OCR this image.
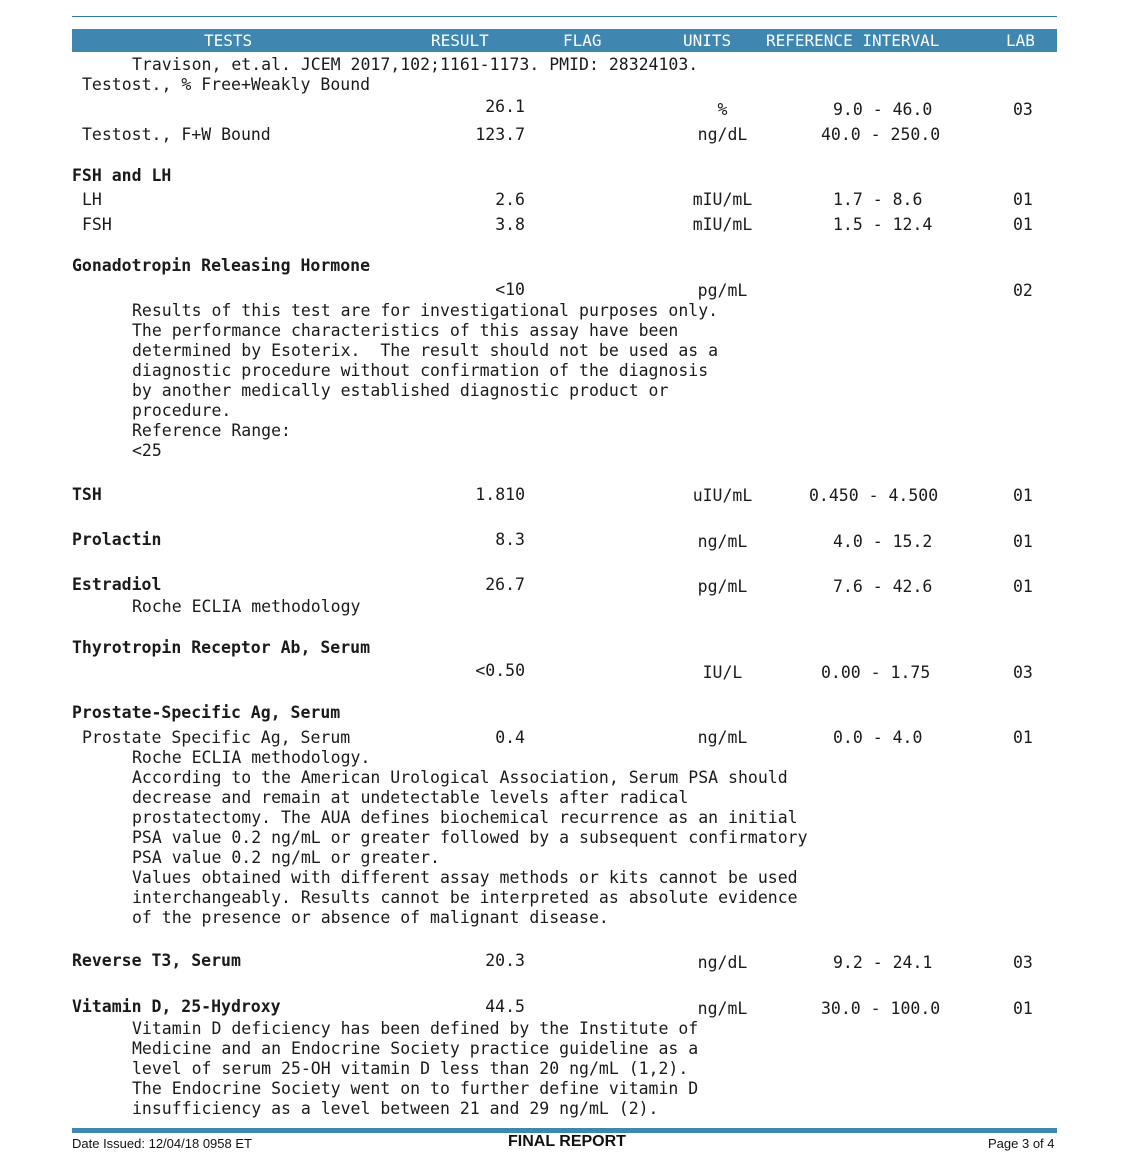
TESTS	RESULT	FLAG	UNITS REFERENCE INTERVAL	LAB
Travison, et.al. JCEM 2017,102;1161-1173. PMID: 28324103.
Testost., % Free+Weakly Bound
26.1	%	9.0 - 46.0	03
Testost., F+W Bound	123.7	ng/dL	40.0 - 250.0
FSH and LH
LH	2.6	mIU/mL	1.7 - 8.6	01
FSH	3.8	mIU/mL	1.5 - 12.4	01
Gonadotropin Releasing Hormone
<10	pg/mL	02
Results of this test are for investigational purposes only.
The performance characteristics of this assay have been
determined by Esoterix.  The result should not be used as a
diagnostic procedure without confirmation of the diagnosis
by another medically established diagnostic product or
procedure.
Reference Range:
<25
TSH	1.810	uIU/mL	0.450 - 4.500	01
Prolactin	8.3	ng/mL	4.0 - 15.2	01
Estradiol	26.7	pg/mL	7.6 - 42.6	01
Roche ECLIA methodology
Thyrotropin Receptor Ab, Serum
<0.50	IU/L	0.00 - 1.75	03
Prostate-Specific Ag, Serum
Prostate Specific Ag, Serum	0.4	ng/mL	0.0 - 4.0	01
Roche ECLIA methodology.
According to the American Urological Association, Serum PSA should
decrease and remain at undetectable levels after radical
prostatectomy. The AUA defines biochemical recurrence as an initial
PSA value 0.2 ng/mL or greater followed by a subsequent confirmatory
PSA value 0.2 ng/mL or greater.
Values obtained with different assay methods or kits cannot be used
interchangeably. Results cannot be interpreted as absolute evidence
of the presence or absence of malignant disease.
Reverse T3, Serum	20.3	ng/dL	9.2 - 24.1	03
Vitamin D, 25-Hydroxy	44.5	ng/mL	30.0 - 100.0	01
Vitamin D deficiency has been defined by the Institute of
Medicine and an Endocrine Society practice guideline as a
level of serum 25-OH vitamin D less than 20 ng/mL (1,2).
The Endocrine Society went on to further define vitamin D
insufficiency as a level between 21 and 29 ng/mL (2).
Date Issued: 12/04/18 0958 ET	FINAL REPORT	Page 3 of 4
